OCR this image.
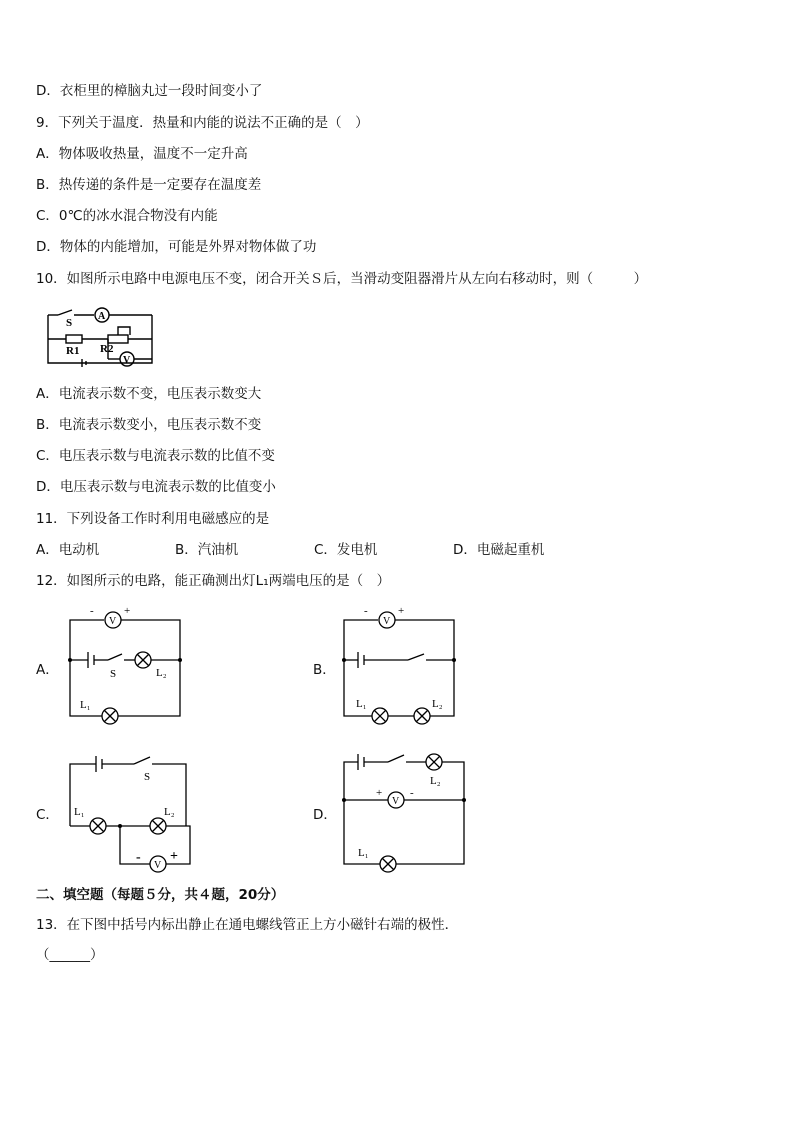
D．衣柜里的樟脑丸过一段时间变小了
9．下列关于温度．热量和内能的说法不正确的是（　）
A．物体吸收热量，温度不一定升高
B．热传递的条件是一定要存在温度差
C．0℃的冰水混合物没有内能
D．物体的内能增加，可能是外界对物体做了功
10．如图所示电路中电源电压不变，闭合开关Ｓ后，当滑动变阻器滑片从左向右移动时，则（　　　）
S
A
R1 R2
V
A．电流表示数不变，电压表示数变大
B．电流表示数变小，电压表示数不变
C．电压表示数与电流表示数的比值不变
D．电压表示数与电流表示数的比值变小
11．下列设备工作时利用电磁感应的是
A．电动机	B．汽油机	C．发电机	D．电磁起重机
12．如图所示的电路，能正确测出灯L₁两端电压的是（　）
A．	B．
C．	D．
-	+
V
S	L₂
L₁
-	+
V
L₁	L₂
S
L₁	L₂
-
V
+
L₂
+
V
-
L₁
二、填空题（每题５分，共４题，20分）
13．在下图中括号内标出静止在通电螺线管正上方小磁针右端的极性．
（______）
